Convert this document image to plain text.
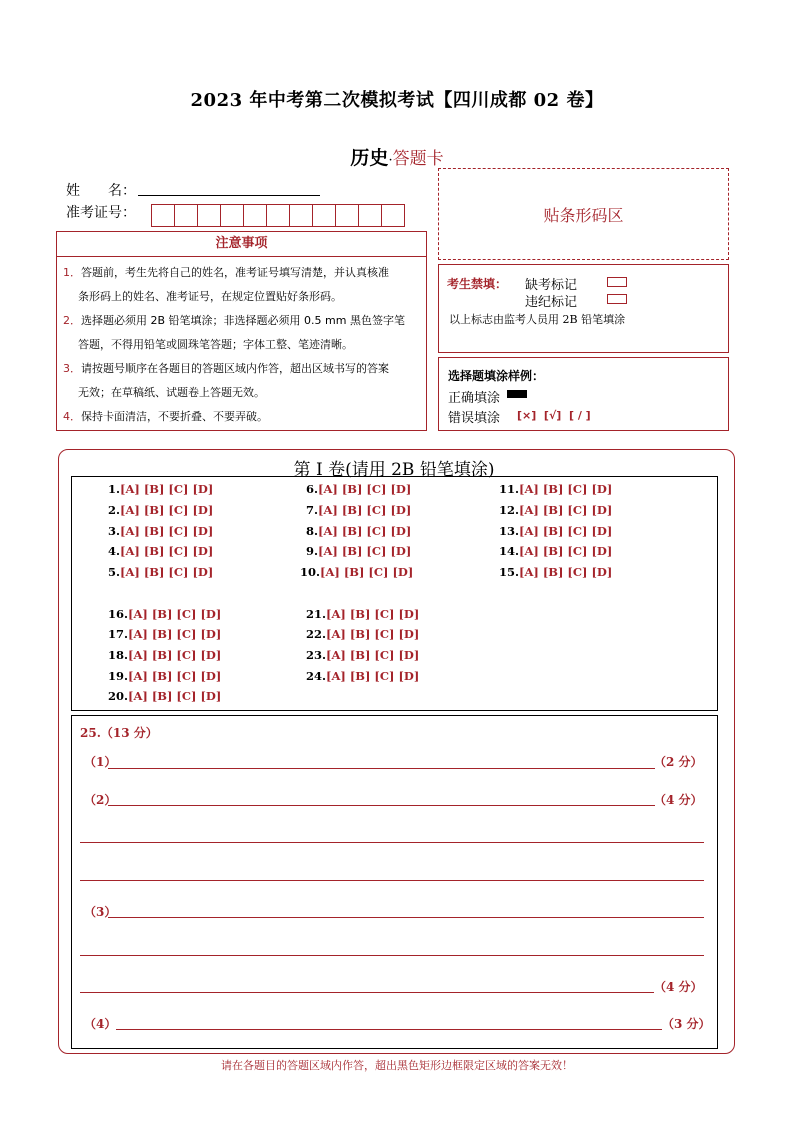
2023 年中考第二次模拟考试【四川成都 02 卷】
历史·答题卡
姓　　名：
准考证号：	贴条形码区
注意事项
1．答题前，考生先将自己的姓名，准考证号填写清楚，并认真核准
条形码上的姓名、准考证号，在规定位置贴好条形码。
2．选择题必须用 2B 铅笔填涂；非选择题必须用 0.5 mm 黑色签字笔
答题，不得用铅笔或圆珠笔答题；字体工整、笔迹清晰。
3．请按题号顺序在各题目的答题区域内作答，超出区域书写的答案
无效；在草稿纸、试题卷上答题无效。
4．保持卡面清洁，不要折叠、不要弄破。
考生禁填： 缺考标记
违纪标记
以上标志由监考人员用 2B 铅笔填涂
选择题填涂样例：
正确填涂
错误填涂 [×]  [√]  [ / ]
第 I 卷(请用 2B 铅笔填涂)
1.[A] [B] [C] [D]
2.[A] [B] [C] [D]
3.[A] [B] [C] [D]
4.[A] [B] [C] [D]
5.[A] [B] [C] [D]
6.[A] [B] [C] [D]
7.[A] [B] [C] [D]
8.[A] [B] [C] [D]
9.[A] [B] [C] [D]
10.[A] [B] [C] [D]
11.[A] [B] [C] [D]
12.[A] [B] [C] [D]
13.[A] [B] [C] [D]
14.[A] [B] [C] [D]
15.[A] [B] [C] [D]
16.[A] [B] [C] [D]
17.[A] [B] [C] [D]
18.[A] [B] [C] [D]
19.[A] [B] [C] [D]
20.[A] [B] [C] [D]
21.[A] [B] [C] [D]
22.[A] [B] [C] [D]
23.[A] [B] [C] [D]
24.[A] [B] [C] [D]
25.（13 分）
（1）	（2 分）
（2）	（4 分）
（3）
（4 分）
（4）	（3 分）
请在各题目的答题区域内作答，超出黑色矩形边框限定区域的答案无效！
